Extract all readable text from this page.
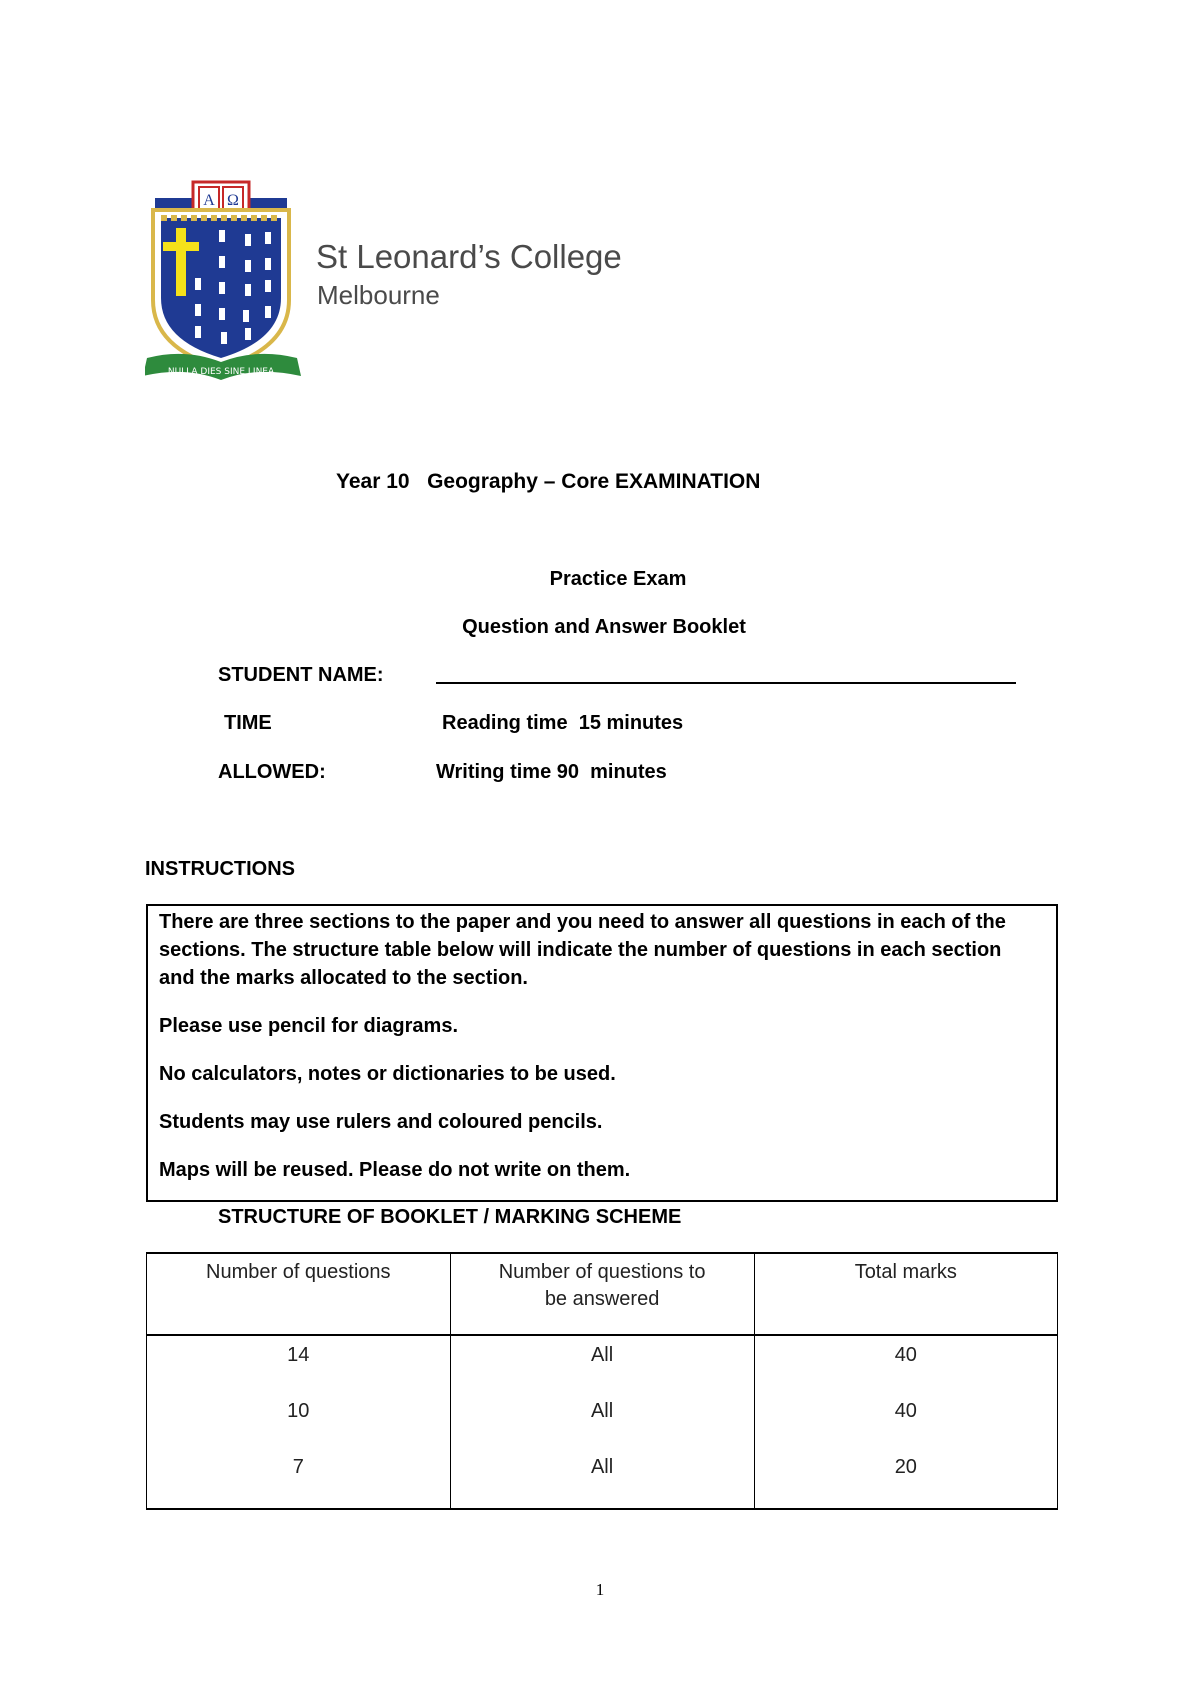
A Ω
NULLA DIES SINE LINEA
St Leonard’s College
Melbourne
Year 10   Geography – Core EXAMINATION
Practice Exam
Question and Answer Booklet
STUDENT NAME:
TIME	Reading time  15 minutes
ALLOWED:	Writing time 90  minutes
INSTRUCTIONS

There are three sections to the paper and you need to answer all questions in each of the sections. The structure table below will indicate the number of questions in each section and the marks allocated to the section.

Please use pencil for diagrams.

No calculators, notes or dictionaries to be used.

Students may use rulers and coloured pencils.

Maps will be reused. Please do not write on them.

STRUCTURE OF BOOKLET / MARKING SCHEME
Number of questions	Number of questions to be answered	Total marks
14	All	40
10	All	40
7	All	20
1
